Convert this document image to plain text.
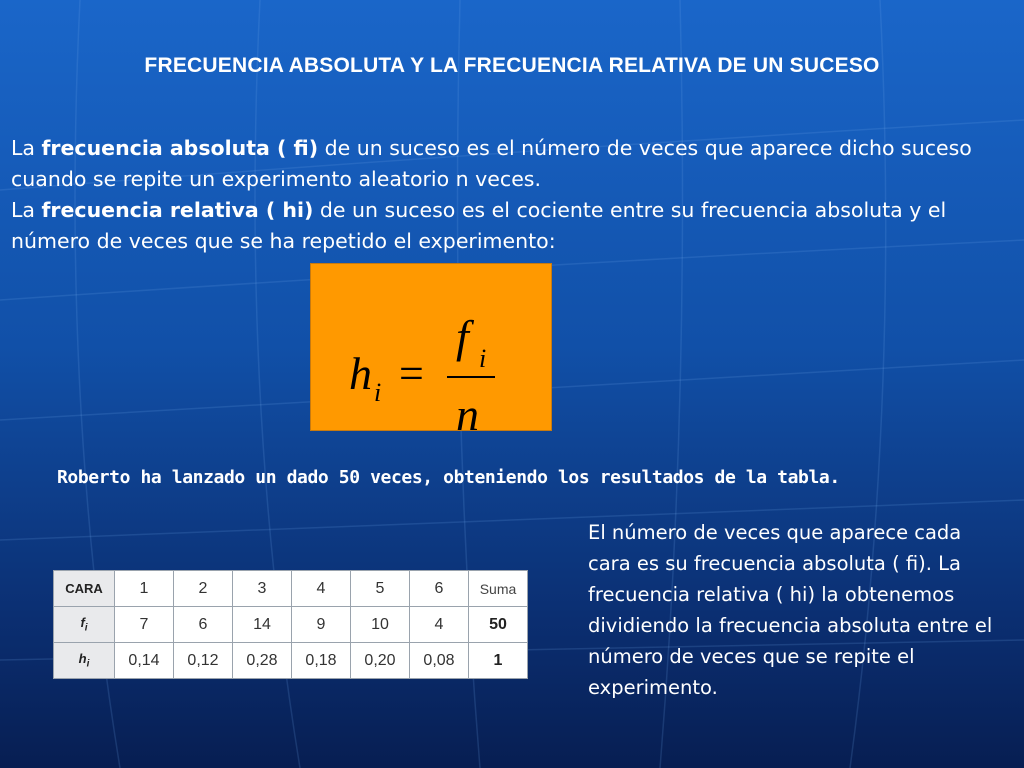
FRECUENCIA ABSOLUTA Y LA FRECUENCIA RELATIVA DE UN SUCESO
La frecuencia absoluta ( fi) de un suceso es el número de veces que aparece dicho suceso cuando se repite un experimento aleatorio n veces.
La frecuencia relativa ( hi) de un suceso es el cociente entre su frecuencia absoluta y el número de veces que se ha repetido el experimento:
h i
f i
n
=
Roberto ha lanzado un dado 50 veces, obteniendo los resultados de la tabla.
CARA	1	2	3	4	5	6	Suma
$f_i$	7	6	14	9	10	4	50
$h_i$	0,14	0,12	0,28	0,18	0,20	0,08	1
El número de veces que aparece cada cara es su frecuencia absoluta ( fi). La frecuencia relativa ( hi) la obtenemos dividiendo la frecuencia absoluta entre el número de veces que se repite el experimento.
